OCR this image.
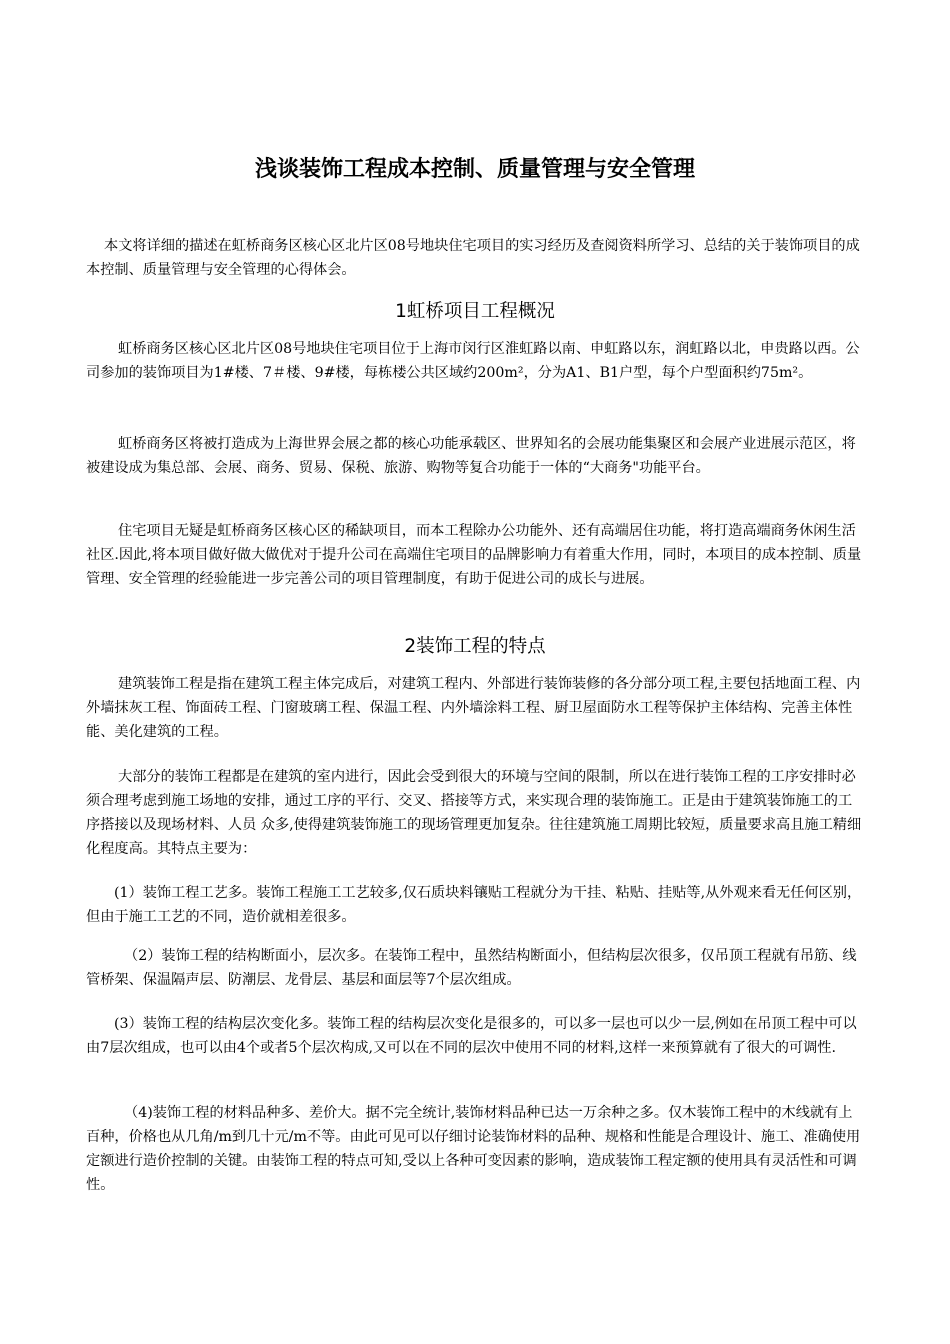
浅谈装饰工程成本控制、质量管理与安全管理

本文将详细的描述在虹桥商务区核心区北片区08号地块住宅项目的实习经历及查阅资料所学习、总结的关于装饰项目的成本控制、质量管理与安全管理的心得体会。

1虹桥项目工程概况

虹桥商务区核心区北片区08号地块住宅项目位于上海市闵行区淮虹路以南、申虹路以东，润虹路以北，申贵路以西。公司参加的装饰项目为1#楼、7＃楼、9#楼，每栋楼公共区域约200m²，分为A1、B1户型，每个户型面积约75m²。

虹桥商务区将被打造成为上海世界会展之都的核心功能承载区、世界知名的会展功能集聚区和会展产业进展示范区，将被建设成为集总部、会展、商务、贸易、保税、旅游、购物等复合功能于一体的“大商务"功能平台。

住宅项目无疑是虹桥商务区核心区的稀缺项目，而本工程除办公功能外、还有高端居住功能，将打造高端商务休闲生活社区.因此,将本项目做好做大做优对于提升公司在高端住宅项目的品牌影响力有着重大作用，同时，本项目的成本控制、质量管理、安全管理的经验能进一步完善公司的项目管理制度，有助于促进公司的成长与进展。

2装饰工程的特点

建筑装饰工程是指在建筑工程主体完成后，对建筑工程内、外部进行装饰装修的各分部分项工程,主要包括地面工程、内外墙抹灰工程、饰面砖工程、门窗玻璃工程、保温工程、内外墙涂料工程、厨卫屋面防水工程等保护主体结构、完善主体性能、美化建筑的工程。

大部分的装饰工程都是在建筑的室内进行，因此会受到很大的环境与空间的限制，所以在进行装饰工程的工序安排时必须合理考虑到施工场地的安排，通过工序的平行、交叉、搭接等方式，来实现合理的装饰施工。正是由于建筑装饰施工的工序搭接以及现场材料、人员 众多,使得建筑装饰施工的现场管理更加复杂。往往建筑施工周期比较短，质量要求高且施工精细化程度高。其特点主要为：

(1）装饰工程工艺多。装饰工程施工工艺较多,仅石质块料镶贴工程就分为干挂、粘贴、挂贴等,从外观来看无任何区别，但由于施工工艺的不同，造价就相差很多。

（2）装饰工程的结构断面小，层次多。在装饰工程中，虽然结构断面小，但结构层次很多，仅吊顶工程就有吊筋、线管桥架、保温隔声层、防潮层、龙骨层、基层和面层等7个层次组成。

(3）装饰工程的结构层次变化多。装饰工程的结构层次变化是很多的，可以多一层也可以少一层,例如在吊顶工程中可以由7层次组成，也可以由4个或者5个层次构成,又可以在不同的层次中使用不同的材料,这样一来预算就有了很大的可调性.

（4)装饰工程的材料品种多、差价大。据不完全统计,装饰材料品种已达一万余种之多。仅木装饰工程中的木线就有上百种，价格也从几角/m到几十元/m不等。由此可见可以仔细讨论装饰材料的品种、规格和性能是合理设计、施工、准确使用定额进行造价控制的关键。由装饰工程的特点可知,受以上各种可变因素的影响，造成装饰工程定额的使用具有灵活性和可调性。
